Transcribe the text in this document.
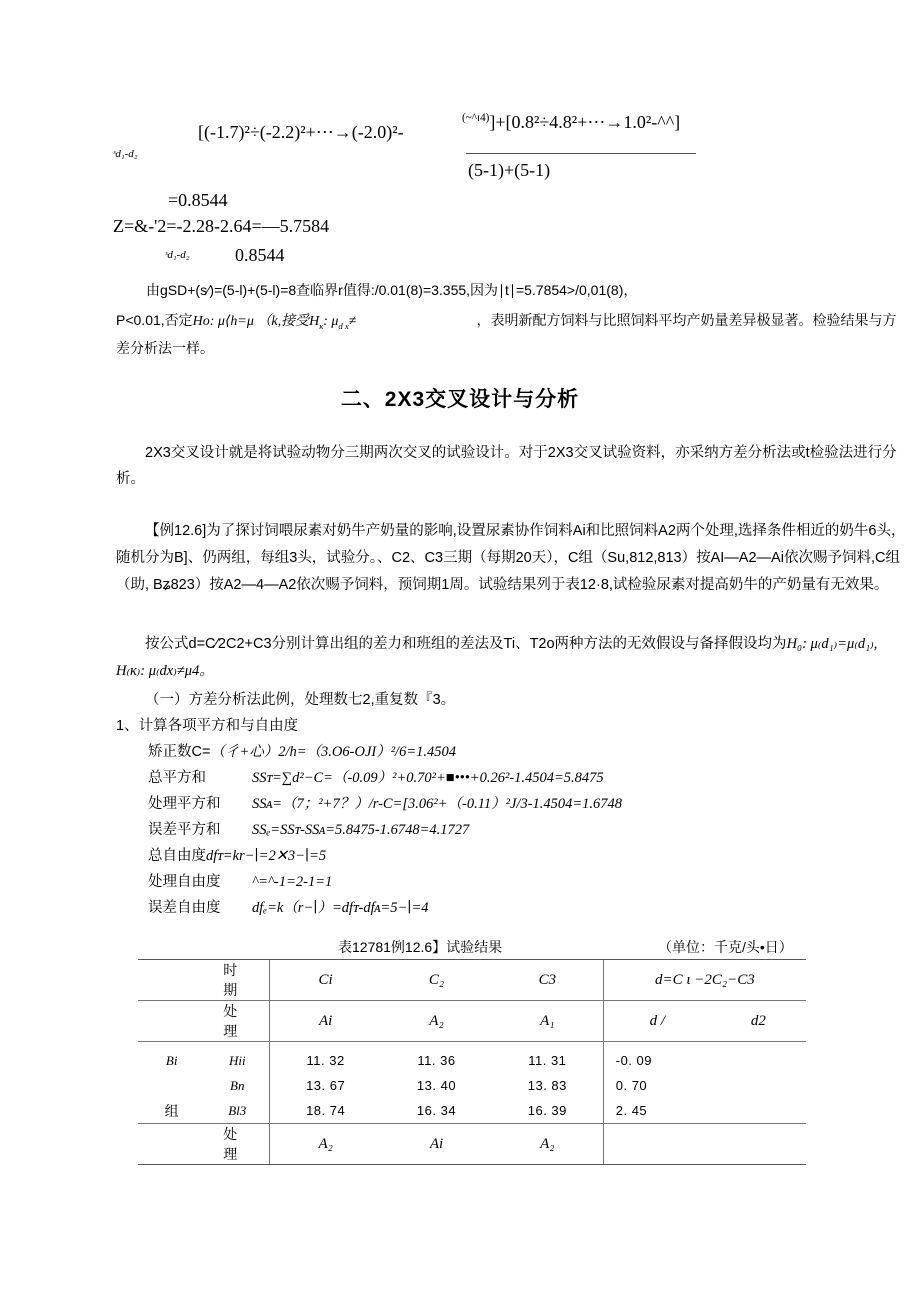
ˢd₁-d₂
[(-1.7)²÷(-2.2)²+⋯→(-2.0)²-
$^{(\sim\^{}ɪ4)}$]+[0.8²÷4.8²+⋯→1.0²-^^]
(5-1)+(5-1)
=0.8544
Z=&-'2=-2.28-2.64=—5.7584
ˢd₁-d₂	0.8544
由gSD+(s⁄)=(5-l)+(5-l)=8查临界r值得:/0.01(8)=3.355,因为∣t∣=5.7854>/0,01(8)，
P<0.01,否定Ho: μ⟨h=μ （k,接受$H_ᴋ$: $\mu_{d x}\ne$	，表明新配方饲料与比照饲料平均产奶量差异极显著。检验结果与方差分析法一样。
二、2X3交叉设计与分析
2X3交叉设计就是将试验动物分三期两次交叉的试验设计。对于2X3交叉试验资料，亦采纳方差分析法或t检验法进行分析。
【例12.6]为了探讨饲喂尿素对奶牛产奶量的影响,设置尿素协作饲料Ai和比照饲料A2两个处理,选择条件相近的奶牛6头，随机分为B]、仍两组，每组3头，试验分。、C2、C3三期（每期20天），C组（Su,812,813）按AI—A2—Ai依次赐予饲料,C组（助, Bʑ823）按A2—4—A2依次赐予饲料，预饲期1周。试验结果列于表12·8,试检验尿素对提高奶牛的产奶量有无效果。
按公式d=C⁄2C2+C3分别计算出组的差力和班组的差法及Ti、T2o两种方法的无效假设与备择假设均为H₀: μ₍d₁₎=μ₍d₁₎, H₍ᴋ₎: μ₍dx₎≠μ4。
（一）方差分析法此例，处理数七2,重复数『3。
1、计算各项平方和与自由度
矫正数C=（彳+心）2/h=（3.O6-OJI）²/6=1.4504
总平方和	SSᴛ=∑d²−C=（-0.09）²+0.70²+■•••+0.26²-1.4504=5.8475
处理平方和 SSᴀ=（7；²+7？）/r-C=[3.06²+（-0.11）²J/3-1.4504=1.6748
误差平方和 SSₑ=SSᴛ-SSᴀ=5.8475-1.6748=4.1727
总自由度dfᴛ=kr−∣=2✕3−∣=5
处理自由度 ^=^-1=2-1=1
误差自由度 dfₑ=k（r−∣）=dfᴛ-dfᴀ=5−∣=4
表12781例12.6】试验结果	（单位：千克/头•日）
	时　期	Ci	C₂	C3	d=C ι −2C₂−C3	
	处　理	Ai	A₂	A₁	d /	d2
Bi	Hii	11. 32	11. 36	11. 31	-0. 09	
	Bn	13. 67	13. 40	13. 83	0. 70	
组	Bl3	18. 74	16. 34	16. 39	2. 45	
	处　理	A₂	Ai	A₂		
